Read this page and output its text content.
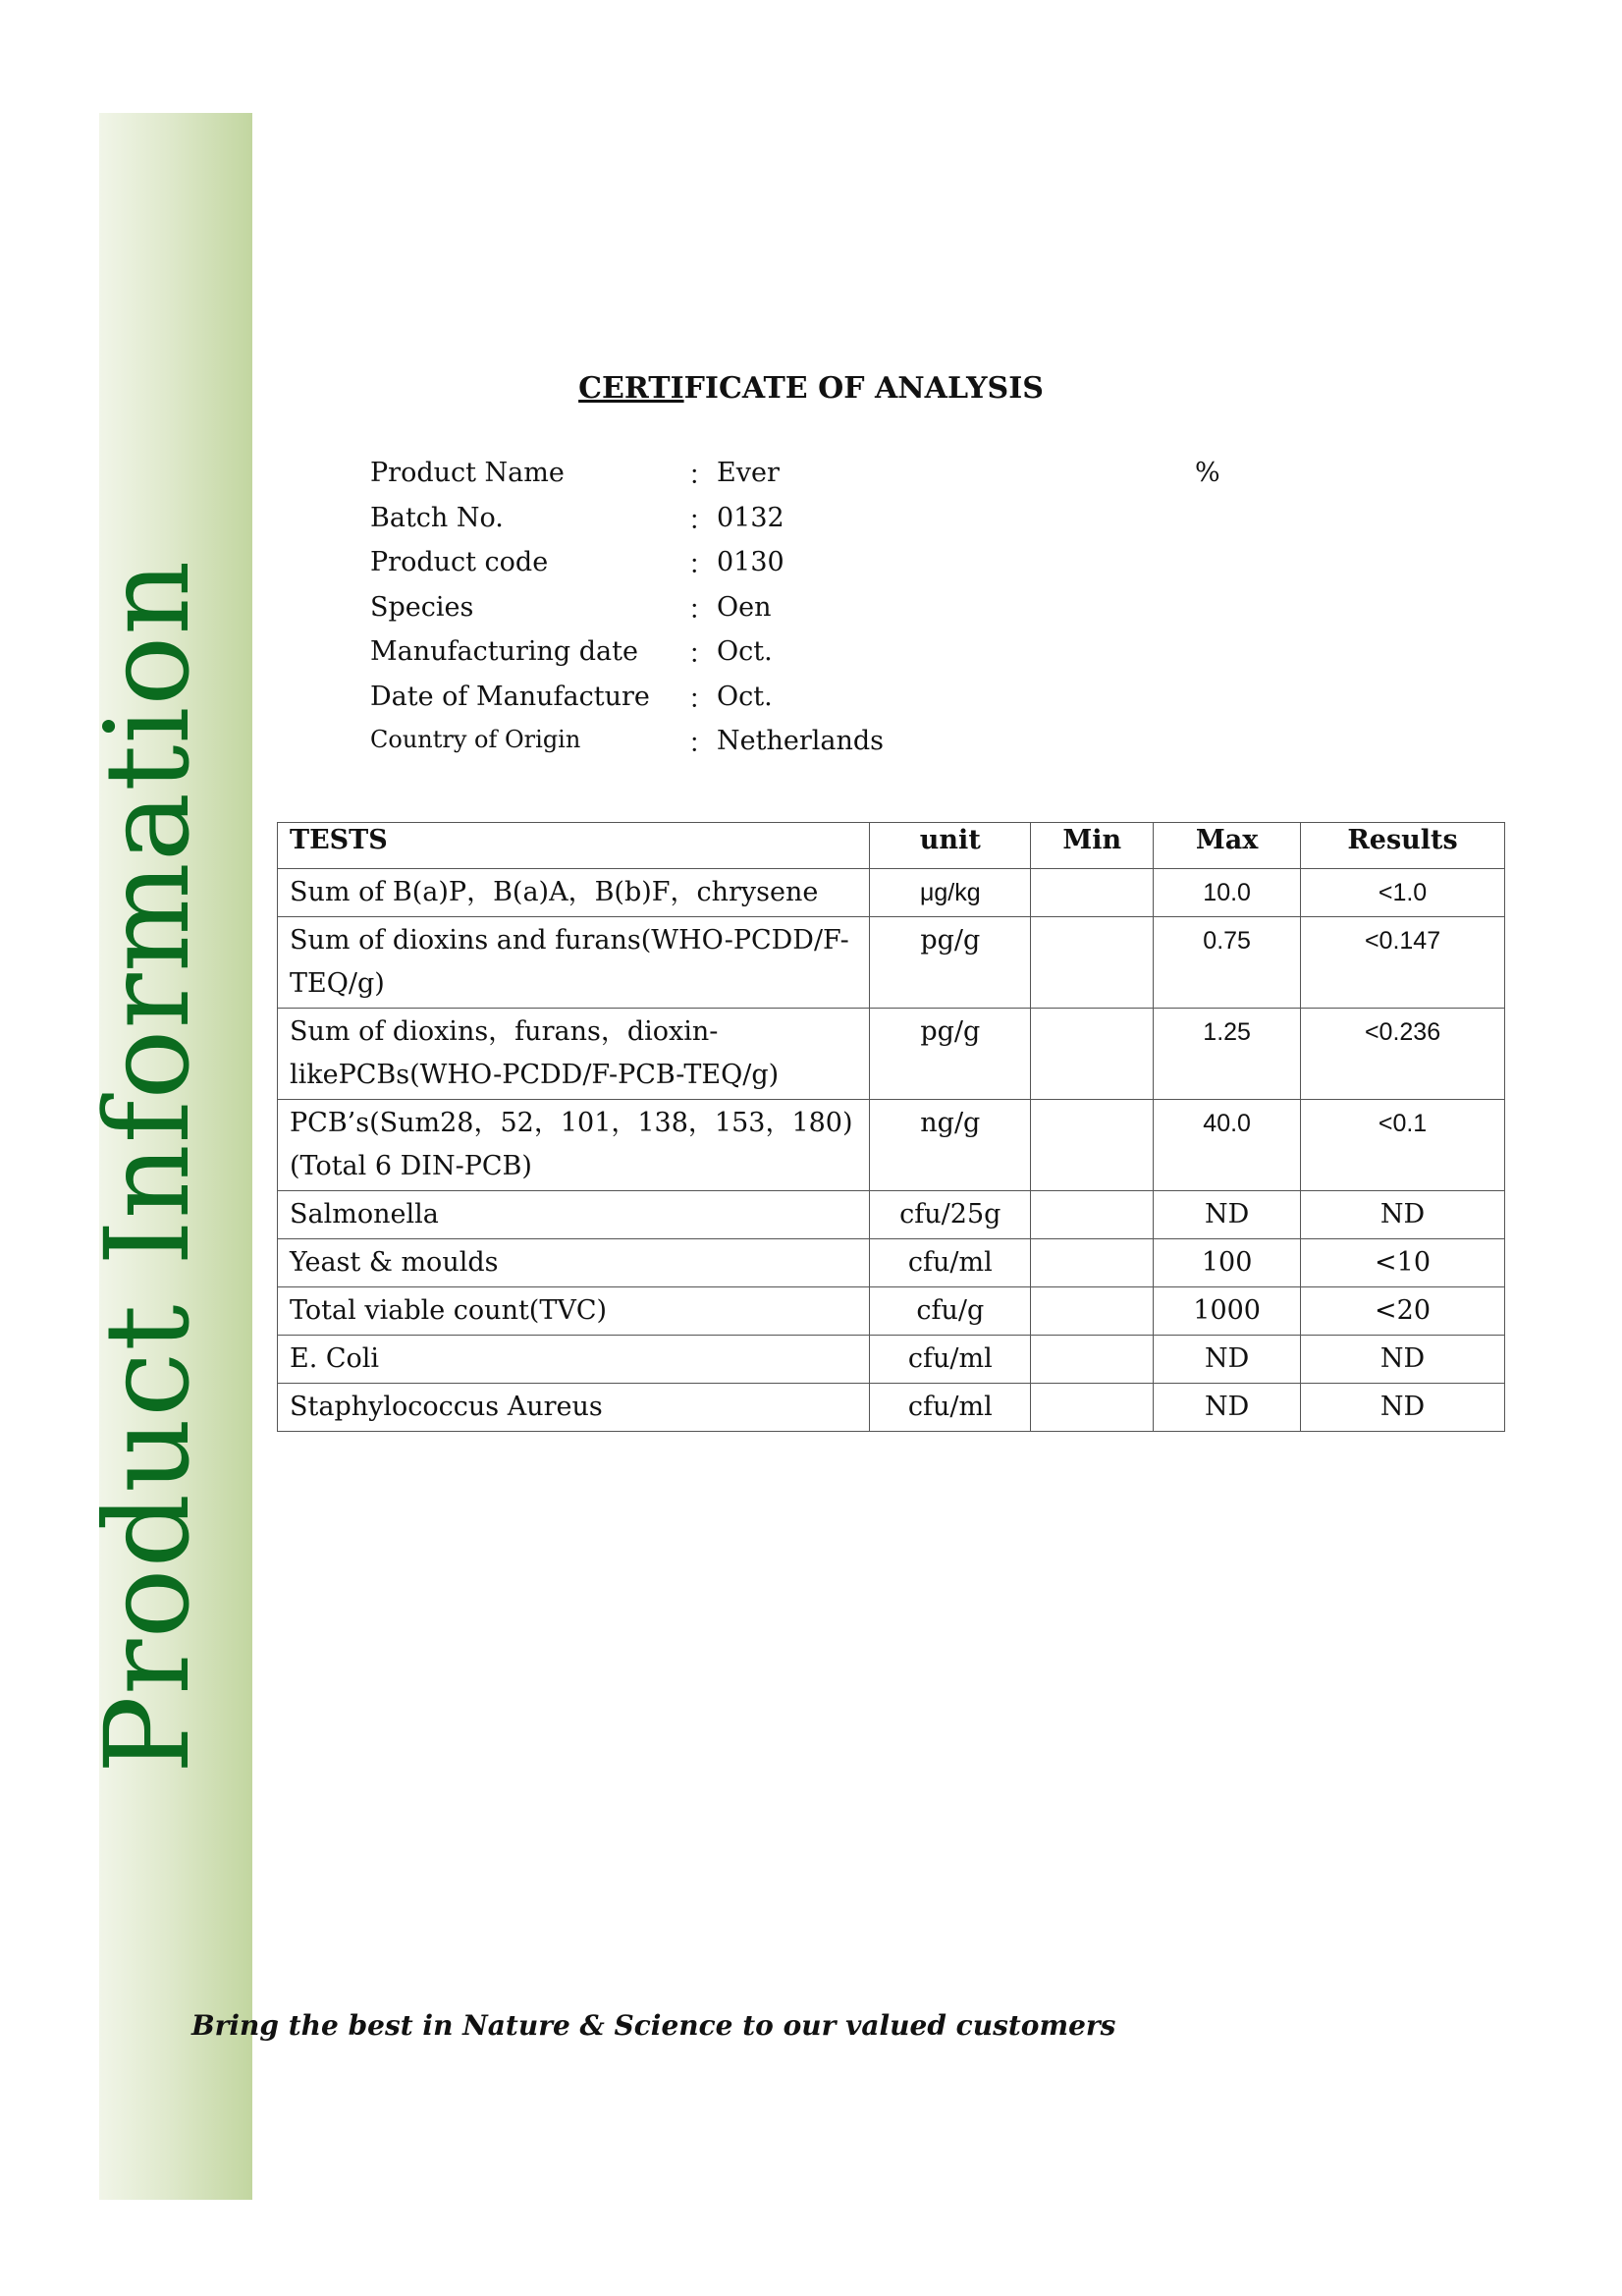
Product Information
CERTIFICATE OF ANALYSIS
Product Name	： Ever	%
Batch No.	： 0132
Product code	： 0130
Species	： Oen
Manufacturing date ： Oct.
Date of Manufacture ： Oct.
Country of Origin	： Netherlands
TESTS	unit	Min	Max	Results
Sum of B(a)P，B(a)A，B(b)F，chrysene	μg/kg		10.0	<1.0
Sum of dioxins and furans(WHO-PCDD/F-TEQ/g)	pg/g		0.75	<0.147
Sum of dioxins，furans，dioxin-likePCBs(WHO-PCDD/F-PCB-TEQ/g)	pg/g		1.25	<0.236
PCB’s(Sum28，52，101，138，153，180)(Total 6 DIN-PCB)	ng/g		40.0	<0.1
Salmonella	cfu/25g		ND	ND
Yeast & moulds	cfu/ml		100	<10
Total viable count(TVC)	cfu/g		1000	<20
E. Coli	cfu/ml		ND	ND
Staphylococcus Aureus	cfu/ml		ND	ND
Bring the best in Nature & Science to our valued customers
